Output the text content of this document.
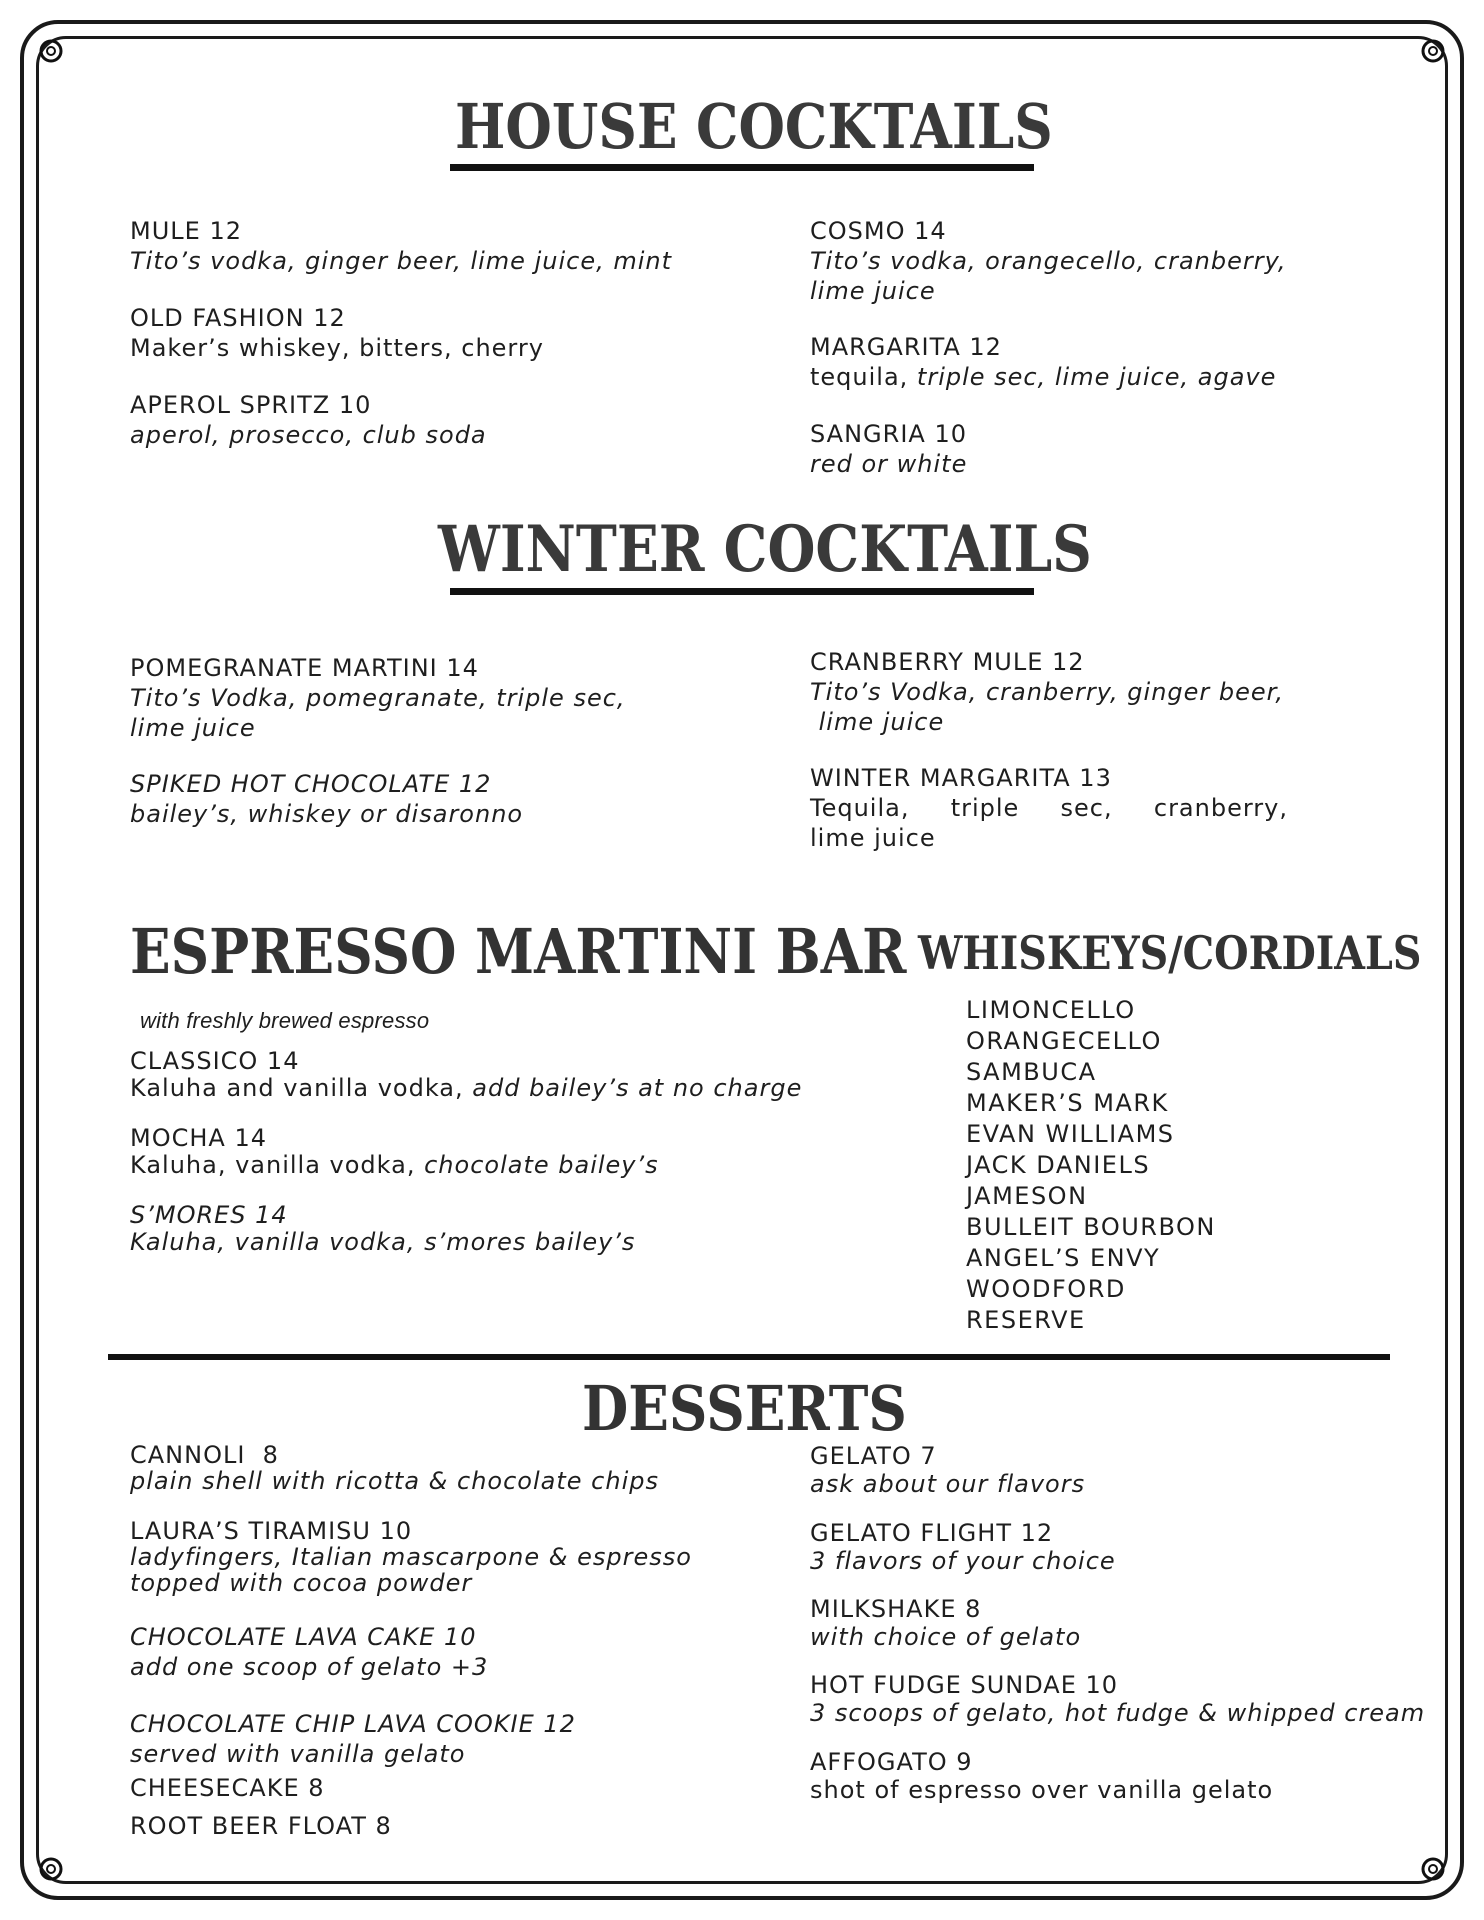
HOUSE COCKTAILS
MULE 12
Tito’s vodka, ginger beer, lime juice, mint
OLD FASHION 12
Maker’s whiskey, bitters, cherry
APEROL SPRITZ 10
aperol, prosecco, club soda
COSMO 14
Tito’s vodka, orangecello, cranberry,
lime juice
MARGARITA 12
tequila, triple sec, lime juice, agave
SANGRIA 10
red or white
WINTER COCKTAILS
POMEGRANATE MARTINI 14
Tito’s Vodka, pomegranate, triple sec,
lime juice
SPIKED HOT CHOCOLATE 12
bailey’s, whiskey or disaronno
CRANBERRY MULE 12
Tito’s Vodka, cranberry, ginger beer,
lime juice
WINTER MARGARITA 13
Tequila,  triple  sec,  cranberry,  lime juice
ESPRESSO MARTINI BAR
with freshly brewed espresso
CLASSICO 14
Kaluha and vanilla vodka, add bailey’s at no charge
MOCHA 14
Kaluha, vanilla vodka, chocolate bailey’s
S’MORES 14
Kaluha, vanilla vodka, s’mores bailey’s
WHISKEYS/CORDIALS
LIMONCELLO
ORANGECELLO
SAMBUCA
MAKER’S MARK
EVAN WILLIAMS
JACK DANIELS
JAMESON
BULLEIT BOURBON
ANGEL’S ENVY
WOODFORD
RESERVE
DESSERTS
CANNOLI  8
plain shell with ricotta & chocolate chips
LAURA’S TIRAMISU 10
ladyfingers, Italian mascarpone & espresso
topped with cocoa powder
CHOCOLATE LAVA CAKE 10
add one scoop of gelato +3
CHOCOLATE CHIP LAVA COOKIE 12
served with vanilla gelato
CHEESECAKE 8
ROOT BEER FLOAT 8
GELATO 7
ask about our flavors
GELATO FLIGHT 12
3 flavors of your choice
MILKSHAKE 8
with choice of gelato
HOT FUDGE SUNDAE 10
3 scoops of gelato, hot fudge & whipped cream
AFFOGATO 9
shot of espresso over vanilla gelato
